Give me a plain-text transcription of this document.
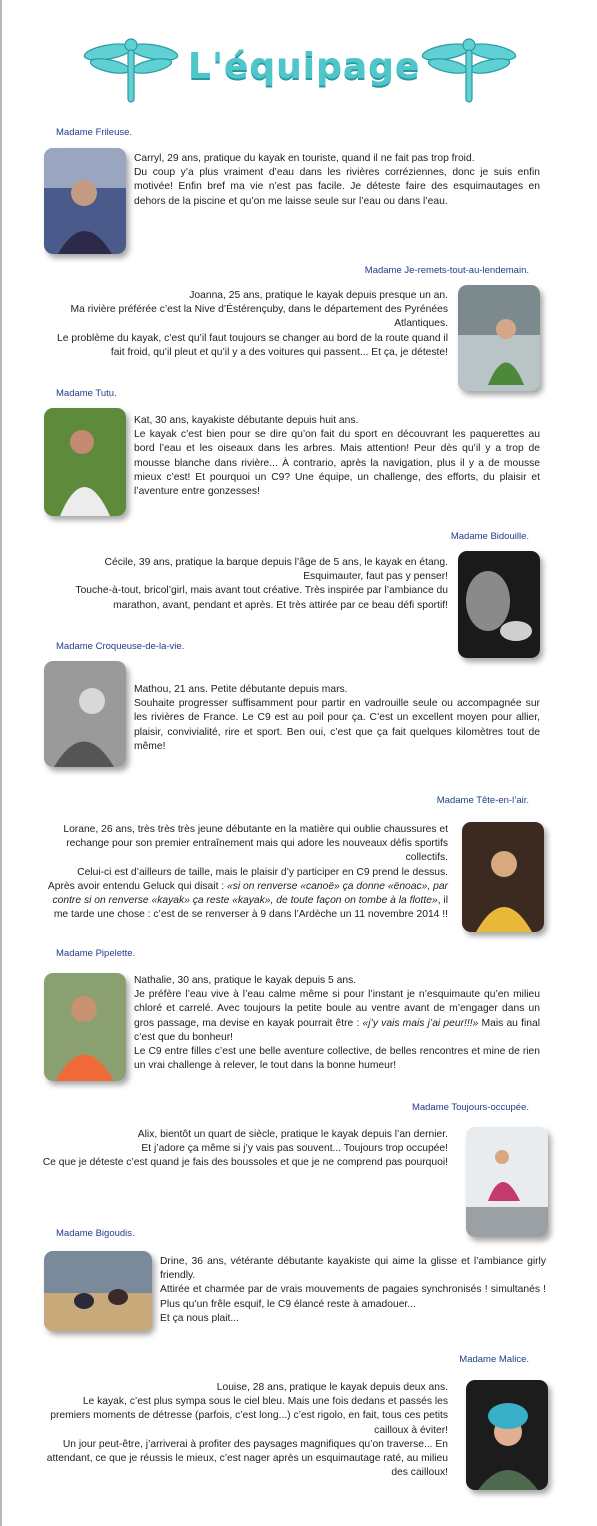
L'équipage
Madame Frileuse.

Carryl, 29 ans, pratique du kayak en touriste, quand il ne fait pas trop froid.

Du coup y’a plus vraiment d’eau dans les rivières corréziennes, donc je suis enfin motivée! Enfin bref ma vie n’est pas facile. Je déteste faire des esquimautages en dehors de la piscine et qu’on me laisse seule sur l’eau ou dans l’eau.

Madame Je-remets-tout-au-lendemain.

Joanna, 25 ans, pratique le kayak depuis presque un an.

Ma rivière préférée c’est la Nive d’Éstérençuby, dans le département des Pyrénées Atlantiques.

Le problème du kayak, c’est qu’il faut toujours se changer au bord de la route quand il fait froid, qu’il pleut et qu’il y a des voitures qui passent... Et ça, je déteste!

Madame Tutu.

Kat, 30 ans, kayakiste débutante depuis huit ans.

Le kayak c’est bien pour se dire qu’on fait du sport en découvrant les paquerettes au bord l’eau et les oiseaux dans les arbres. Mais attention! Peur dès qu’il y a trop de mousse blanche dans rivière... À contrario, après la navigation, plus il y a de mousse mieux c’est! Et pourquoi un C9? Une équipe, un challenge, des efforts, du plaisir et l’aventure entre gonzesses!

Madame Bidouille.

Cécile, 39 ans, pratique la barque depuis l’âge de 5 ans, le kayak en étang. Esquimauter, faut pas y penser!

Touche-à-tout, bricol’girl, mais avant tout créative. Très inspirée par l’ambiance du marathon, avant, pendant et après. Et très attirée par ce beau défi sportif!

Madame Croqueuse-de-la-vie.

Mathou, 21 ans. Petite débutante depuis mars.

Souhaite progresser suffisamment pour partir en vadrouille seule ou accompagnée sur les rivières de France. Le C9 est au poil pour ça. C’est un excellent moyen pour allier, plaisir, convivialité, rire et sport. Ben oui, c’est que ça fait quelques kilomètres tout de même!

Madame Tête-en-l’air.

Lorane, 26 ans, très très très jeune débutante en la matière qui oublie chaussures et rechange pour son premier entraînement mais qui adore les nouveaux défis sportifs collectifs.

Celui-ci est d’ailleurs de taille, mais le plaisir d’y participer en C9 prend le dessus.

Après avoir entendu Geluck qui disait : «si on renverse «canoë» ça donne «ënoac», par contre si on renverse «kayak» ça reste «kayak», de toute façon on tombe à la flotte», il me tarde une chose : c’est de se renverser à 9 dans l’Ardèche un 11 novembre 2014 !!

Madame Pipelette.

Nathalie, 30 ans, pratique le kayak depuis 5 ans.

Je préfère l’eau vive à l’eau calme même si pour l’instant je n’esquimaute qu’en milieu chloré et carrelé. Avec toujours la petite boule au ventre avant de m’engager dans un gros passage, ma devise en kayak pourrait être : «j’y vais mais j’ai peur!!!» Mais au final c’est que du bonheur!

Le C9 entre filles c’est une belle aventure collective, de belles rencontres et mine de rien un vrai challenge à relever, le tout dans la bonne humeur!

Madame Toujours-occupée.

Alix, bientôt un quart de siècle, pratique le kayak depuis l’an dernier.

Et j’adore ça même si j’y vais pas souvent... Toujours trop occupée!

Ce que je déteste c’est quand je fais des boussoles et que je ne comprend pas pourquoi!

Madame Bigoudis.

Drine, 36 ans, vétérante débutante kayakiste qui aime la glisse et l’ambiance girly friendly.

Attirée et charmée par de vrais mouvements de pagaies synchronisés ! simultanés ! Plus qu’un frêle esquif, le C9 élancé reste à amadouer...

Et ça nous plait...

Madame Malice.

Louise, 28 ans, pratique le kayak depuis deux ans.

Le kayak, c’est plus sympa sous le ciel bleu. Mais une fois dedans et passés les premiers moments de détresse (parfois, c’est long...) c’est rigolo, en fait, tous ces petits cailloux à éviter!

Un jour peut-être, j’arriverai à profiter des paysages magnifiques qu’on traverse... En attendant, ce que je réussis le mieux, c’est nager après un esquimautage raté, au milieu des cailloux!
